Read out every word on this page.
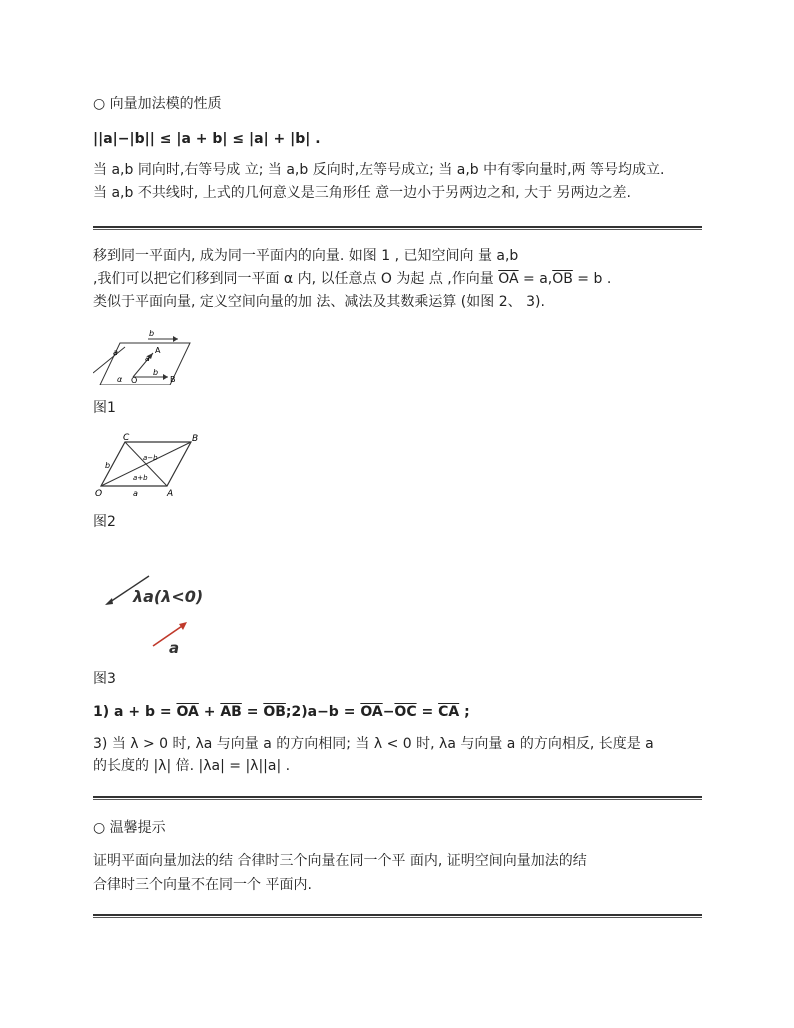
○ 向量加法模的性质
||a|−|b|| ≤ |a + b| ≤ |a| + |b| .
当 a,b 同向时,右等号成 立; 当 a,b 反向时,左等号成立; 当 a,b 中有零向量时,两 等号均成立.
当 a,b 不共线时, 上式的几何意义是三角形任 意一边小于另两边之和, 大于 另两边之差.
移到同一平面内, 成为同一平面内的向量. 如图 1 , 已知空间向 量 a,b
,我们可以把它们移到同一平面 α 内, 以任意点 O 为起 点 ,作向量 $\overline{OA} = a,\overline{OB} = b$ .
类似于平面向量, 定义空间向量的加 法、减法及其数乘运算 (如图 2、 3).
b
a
a
A
b
B
α O
图1
C	B
O	A
a
b
a−b
a+b
图2
λa(λ<0)
a
图3
1) $a + b = \overline{OA} + \overline{AB}$ = $\overline{OB};2)a-b = \overline{OA}-\overline{OC} = \overline{CA}$ ;
3) 当 λ > 0 时, λa 与向量 a 的方向相同; 当 λ < 0 时, λa 与向量 a 的方向相反, 长度是 a
的长度的 |λ| 倍. |λa| = |λ||a| .
○ 温馨提示
证明平面向量加法的结 合律时三个向量在同一个平 面内, 证明空间向量加法的结
合律时三个向量不在同一个 平面内.
